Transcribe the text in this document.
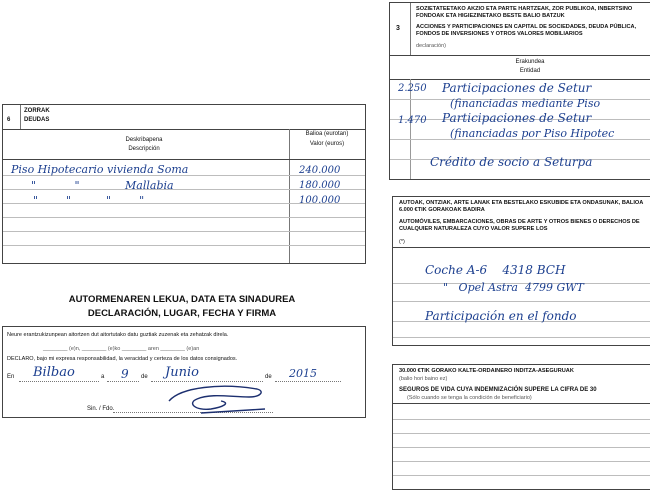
6
ZORRAK
DEUDAS
Deskribapena
Descripción
Balioa (eurotan)
Valor (euros)
Piso Hipotecario vivienda Soma	240.000
"           "             Mallabia	180.000
"        "          "        "	100.000
AUTORMENAREN LEKUA, DATA ETA SINADUREA
DECLARACIÓN, LUGAR, FECHA Y FIRMA
Neure erantzukizunpean aitortzen dut aitortutako datu guztiak zuzenak eta zehatzak direla.
________ (e)n, ________ (e)ko ________ aren ________ (e)an
DECLARO, bajo mi expresa responsabilidad, la veracidad y certeza de los datos consignados.
En Bilbao	a 9 de Junio	de 2015
Sin. / Fdo.
3
SOZIETATEETAKO AKZIO ETA PARTE HARTZEAK, ZOR PUBLIKOA, INBERTSINO FONDOAK ETA HIGIEZINETAKO BESTE BALIO BATZUK
ACCIONES Y PARTICIPACIONES EN CAPITAL DE SOCIEDADES, DEUDA PÚBLICA, FONDOS DE INVERSIONES Y OTROS VALORES MOBILIARIOS
declaración)
Erakundea
Entidad
2.250 Participaciones de Setur
(financiadas mediante Piso
1.470 Participaciones de Setur
(financiadas por Piso Hipotec
Crédito de socio a Seturpa
AUTOAK, ONTZIAK, ARTE LANAK ETA BESTELAKO ESKUBIDE ETA ONDASUNAK, BALIOA 6.000 €TIK GORAKOAK BADIRA
AUTOMÓVILES, EMBARCACIONES, OBRAS DE ARTE Y OTROS BIENES O DERECHOS DE CUALQUIER NATURALEZA CUYO VALOR SUPERE LOS
(*)
Coche A-6    4318 BCH
"   Opel Astra  4799 GWT
Participación en el fondo
30.000 €TIK GORAKO KALTE-ORDAINERO INDITZA-ASEGURUAK
(balio hori baino ez)
SEGUROS DE VIDA CUYA INDEMNIZACIÓN SUPERE LA CIFRA DE 30
(Sólo cuando se tenga la condición de beneficiario)
